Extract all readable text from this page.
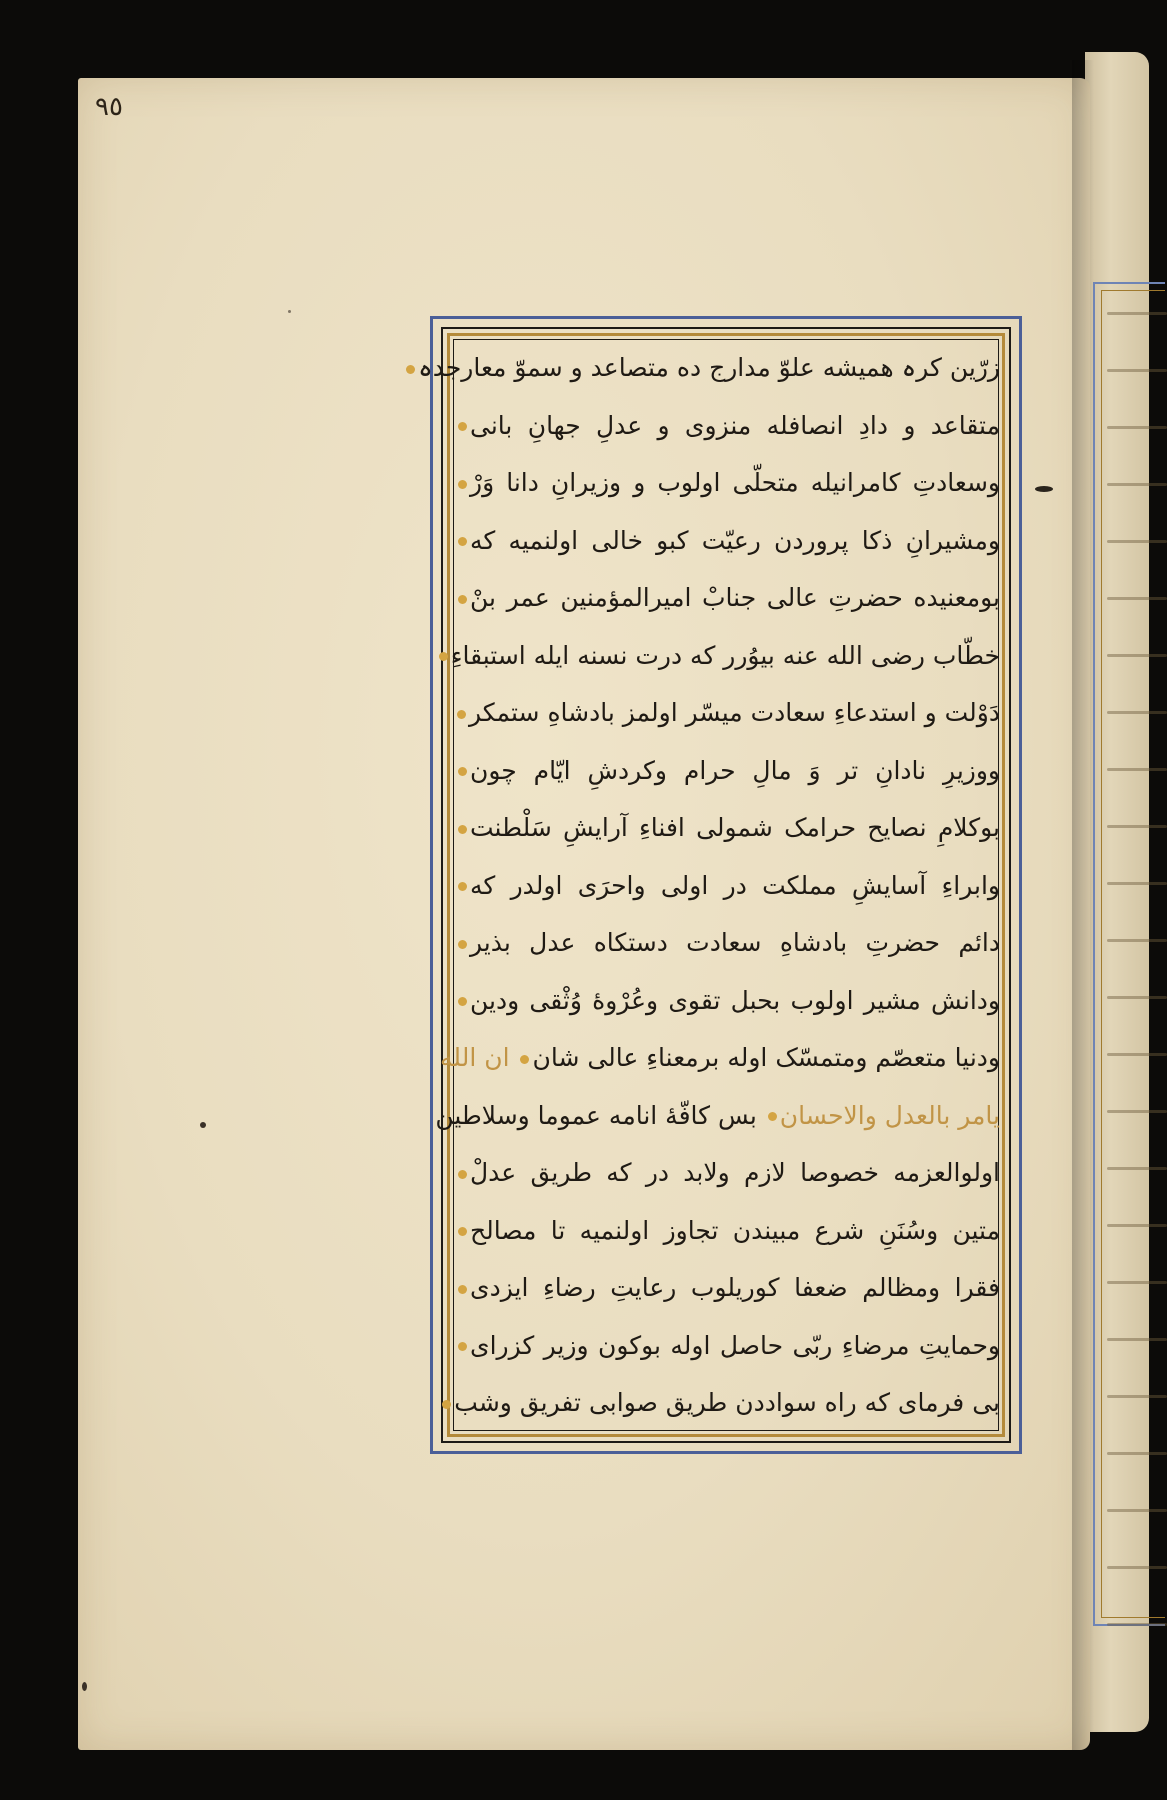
٩٥
زرّین کرہ همیشه علوّ مدارج ده متصاعد و سموّ معارجدہ
متقاعد و دادِ انصافله منزوی و عدلِ جهانِ بانی
وسعادتِ کامرانیله متحلّی اولوب و وزیرانِ دانا وَرْ
ومشیرانِ ذکا پروردن رعیّت کبو خالی اولنمیه که
بومعنیده حضرتِ عالی جنابْ امیرالمؤمنین عمر بنْ
خطّاب رضی الله عنه بیوُرر که درت نسنه ایله استبقاءِ
دَوْلت و استدعاءِ سعادت میسّر اولمز بادشاهِ ستمکر
ووزیرِ نادانِ تر وَ مالِ حرام وکردشِ ایّام چون
بوکلامِ نصایح حرامک شمولی افناءِ آرایشِ سَلْطنت
وابراءِ آسایشِ مملکت در اولی واحرَی اولدر که
دائم حضرتِ بادشاهِ سعادت دستکاه عدل بذیر
ودانش مشیر اولوب بحبل تقوی وعُرْوهٔ وُثْقی ودین
ودنیا متعصّم ومتمسّک اوله برمعناءِ عالی شان ان الله
یامر بالعدل والاحسان بس کافّهٔ انامه عموما وسلاطین
اولوالعزمه خصوصا لازم ولابد در که طریق عدلْ
متین وسُنَنِ شرع مبیندن تجاوز اولنمیه تا مصالح
فقرا ومظالم ضعفا کوریلوب رعایتِ رضاءِ ایزدی
وحمایتِ مرضاءِ ربّی حاصل اوله بوکون وزیر کزرای
بی فرمای که راه سواددن طریق صوابی تفریق وشب
